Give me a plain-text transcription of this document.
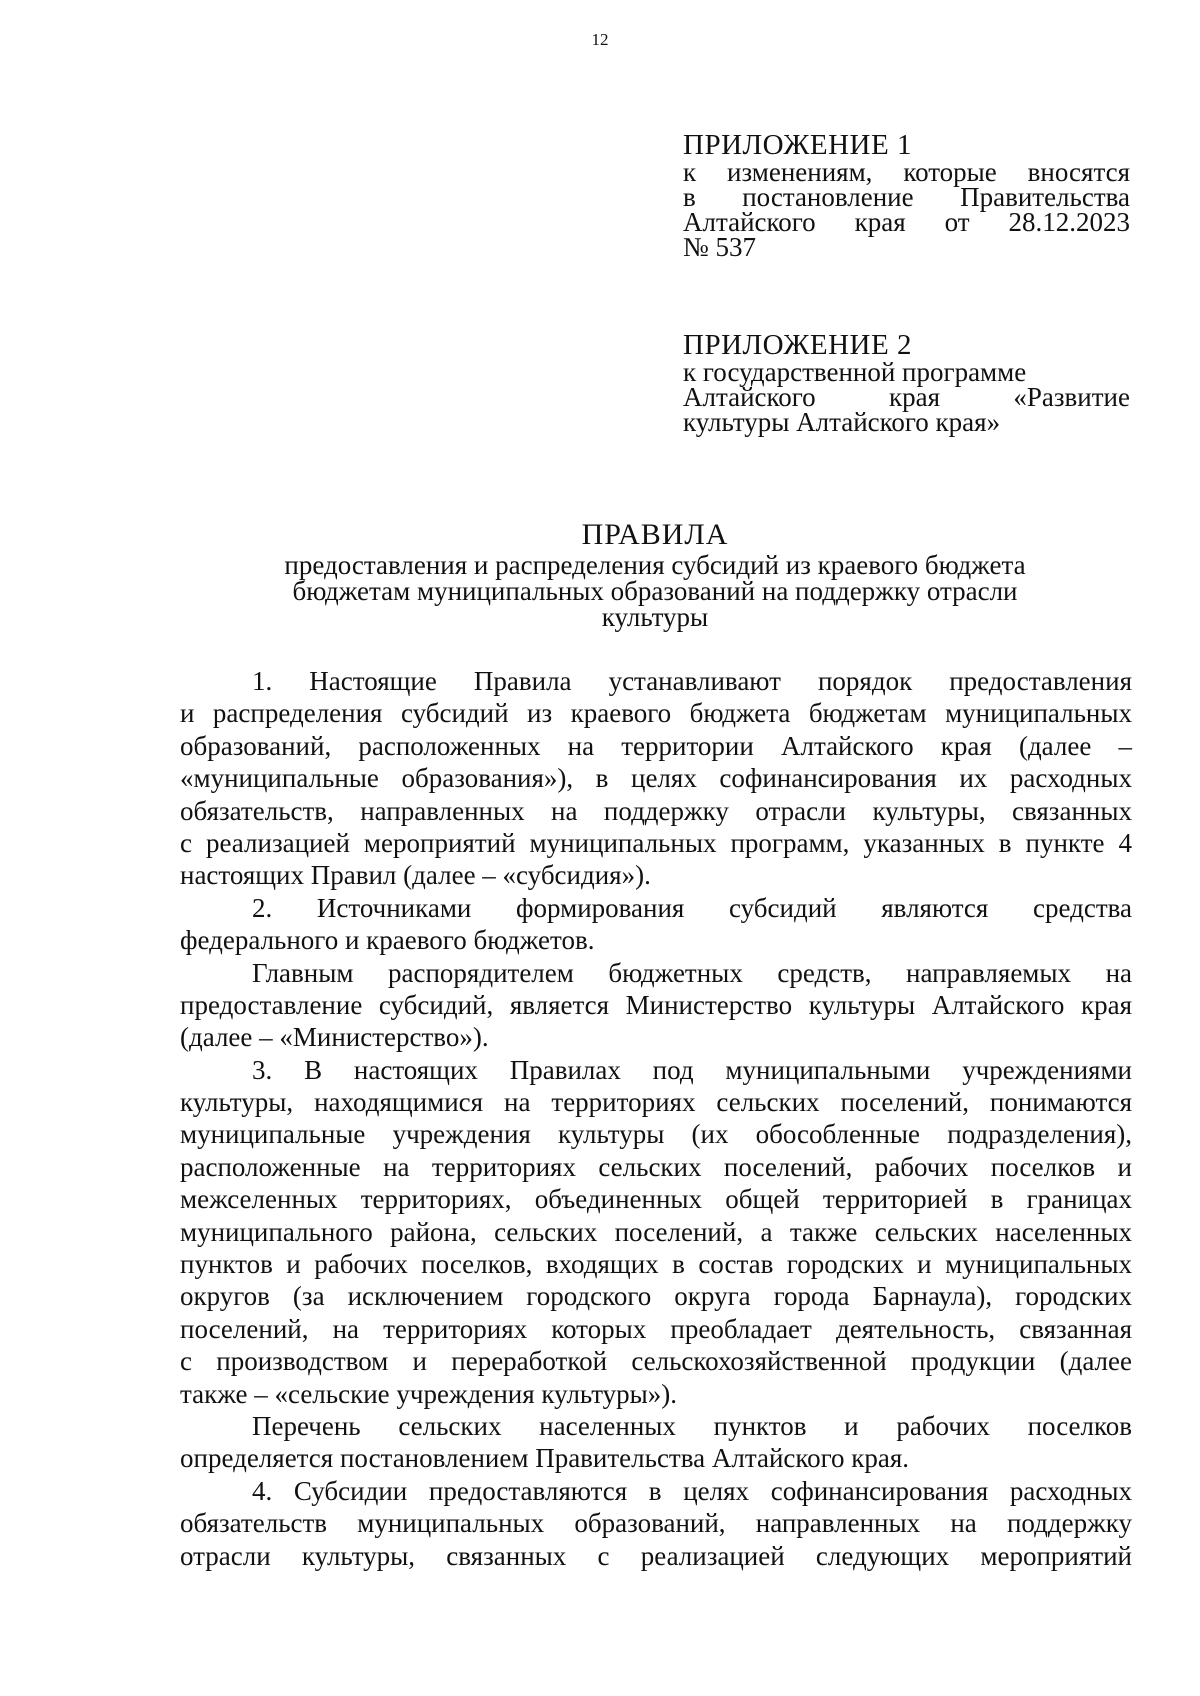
12
ПРИЛОЖЕНИЕ 1
к изменениям, которые вносятся
в постановление Правительства
Алтайского края от 28.12.2023
№ 537
ПРИЛОЖЕНИЕ 2
к государственной программе
Алтайского края «Развитие
культуры Алтайского края»
ПРАВИЛА
предоставления и распределения субсидий из краевого бюджета
бюджетам муниципальных образований на поддержку отрасли
культуры
1. Настоящие Правила устанавливают порядок предоставления
и распределения субсидий из краевого бюджета бюджетам муниципальных
образований, расположенных на территории Алтайского края (далее –
«муниципальные образования»), в целях софинансирования их расходных
обязательств, направленных на поддержку отрасли культуры, связанных
с реализацией мероприятий муниципальных программ, указанных в пункте 4
настоящих Правил (далее – «субсидия»).
2. Источниками формирования субсидий являются средства
федерального и краевого бюджетов.
Главным распорядителем бюджетных средств, направляемых на
предоставление субсидий, является Министерство культуры Алтайского края
(далее – «Министерство»).
3. В настоящих Правилах под муниципальными учреждениями
культуры, находящимися на территориях сельских поселений, понимаются
муниципальные учреждения культуры (их обособленные подразделения),
расположенные на территориях сельских поселений, рабочих поселков и
межселенных территориях, объединенных общей территорией в границах
муниципального района, сельских поселений, а также сельских населенных
пунктов и рабочих поселков, входящих в состав городских и муниципальных
округов (за исключением городского округа города Барнаула), городских
поселений, на территориях которых преобладает деятельность, связанная
с производством и переработкой сельскохозяйственной продукции (далее
также – «сельские учреждения культуры»).
Перечень сельских населенных пунктов и рабочих поселков
определяется постановлением Правительства Алтайского края.
4. Субсидии предоставляются в целях софинансирования расходных
обязательств муниципальных образований, направленных на поддержку
отрасли культуры, связанных с реализацией следующих мероприятий
